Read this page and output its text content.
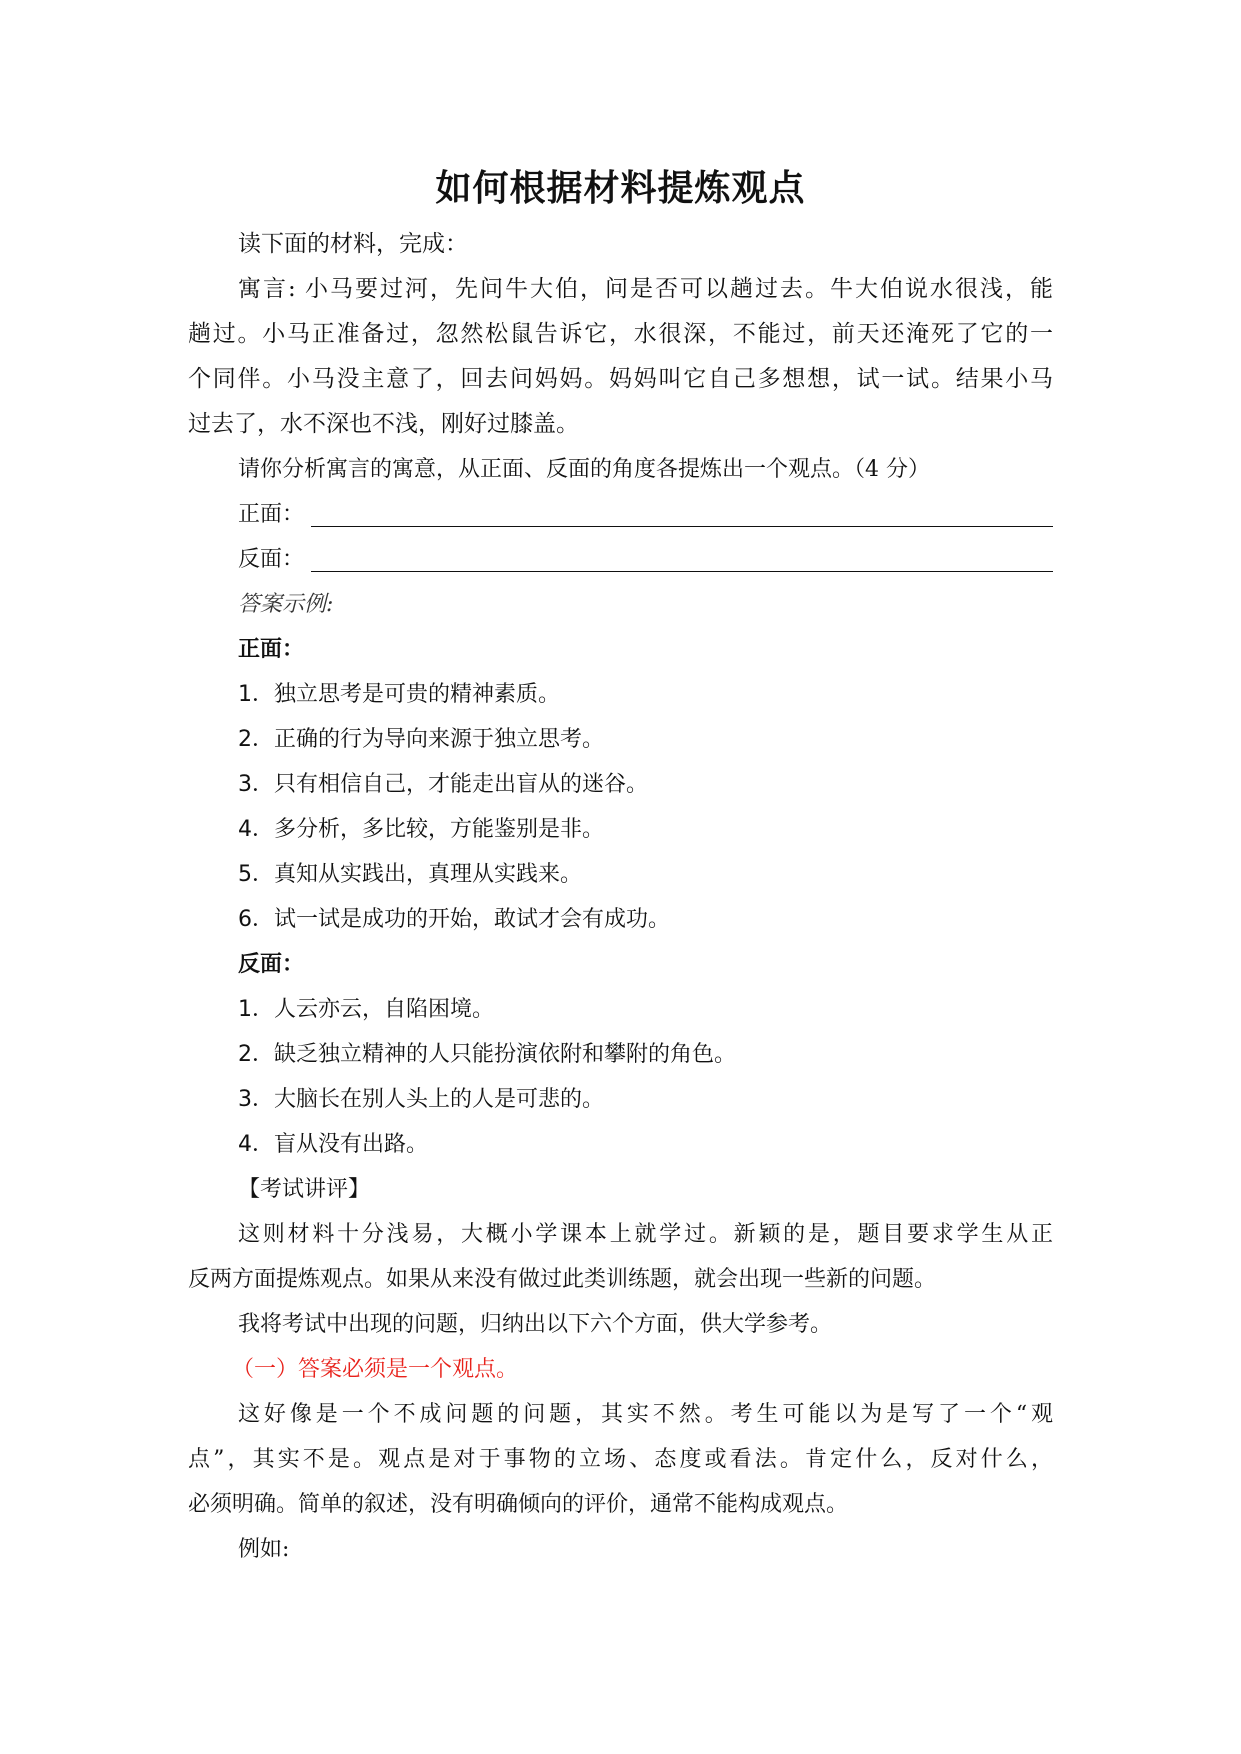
如何根据材料提炼观点
读下面的材料，完成：
寓言: 小马要过河，先问牛大伯，问是否可以趟过去。牛大伯说水很浅，能
趟过。小马正准备过，忽然松鼠告诉它，水很深，不能过，前天还淹死了它的一
个同伴。小马没主意了，回去问妈妈。妈妈叫它自己多想想，试一试。结果小马
过去了，水不深也不浅，刚好过膝盖。
请你分析寓言的寓意，从正面、反面的角度各提炼出一个观点。（4 分）
正面：
反面：
答案示例:
正面：
1．独立思考是可贵的精神素质。
2．正确的行为导向来源于独立思考。
3．只有相信自己，才能走出盲从的迷谷。
4．多分析，多比较，方能鉴别是非。
5．真知从实践出，真理从实践来。
6．试一试是成功的开始，敢试才会有成功。
反面：
1．人云亦云，自陷困境。
2．缺乏独立精神的人只能扮演依附和攀附的角色。
3．大脑长在别人头上的人是可悲的。
4．盲从没有出路。
【考试讲评】
这则材料十分浅易，大概小学课本上就学过。新颖的是，题目要求学生从正
反两方面提炼观点。如果从来没有做过此类训练题，就会出现一些新的问题。
我将考试中出现的问题，归纳出以下六个方面，供大学参考。
（一）答案必须是一个观点。
这好像是一个不成问题的问题，其实不然。考生可能以为是写了一个“观
点”，其实不是。观点是对于事物的立场、态度或看法。肯定什么，反对什么，
必须明确。简单的叙述，没有明确倾向的评价，通常不能构成观点。
例如:
